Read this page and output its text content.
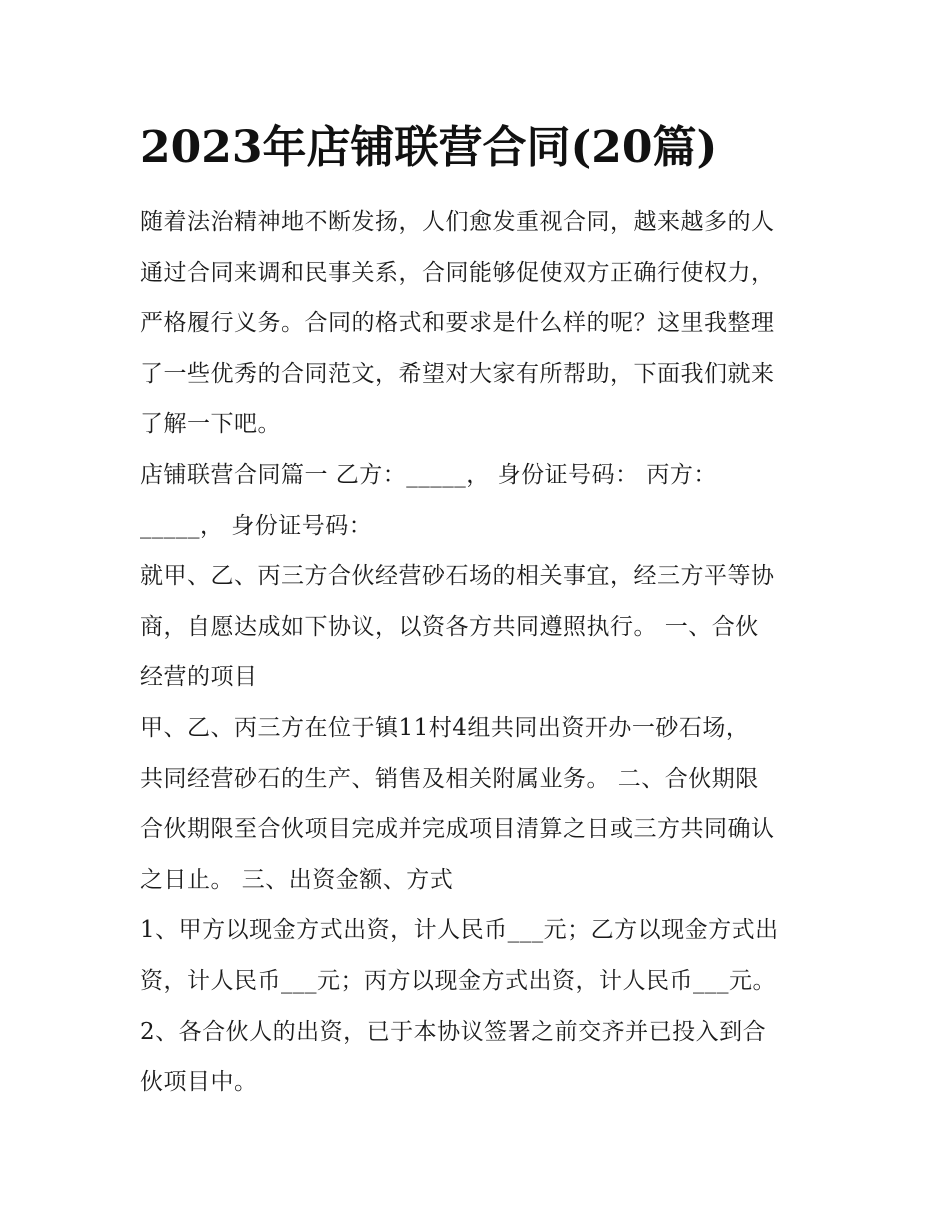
2023年店铺联营合同(20篇)
随着法治精神地不断发扬，人们愈发重视合同，越来越多的人
通过合同来调和民事关系，合同能够促使双方正确行使权力，
严格履行义务。合同的格式和要求是什么样的呢？这里我整理
了一些优秀的合同范文，希望对大家有所帮助，下面我们就来
了解一下吧。
店铺联营合同篇一 乙方：_____， 身份证号码： 丙方：
_____， 身份证号码：
就甲、乙、丙三方合伙经营砂石场的相关事宜，经三方平等协
商，自愿达成如下协议，以资各方共同遵照执行。 一、合伙
经营的项目
甲、乙、丙三方在位于镇11村4组共同出资开办一砂石场，
共同经营砂石的生产、销售及相关附属业务。 二、合伙期限
合伙期限至合伙项目完成并完成项目清算之日或三方共同确认
之日止。 三、出资金额、方式
1、甲方以现金方式出资，计人民币___元；乙方以现金方式出
资，计人民币___元；丙方以现金方式出资，计人民币___元。
2、各合伙人的出资，已于本协议签署之前交齐并已投入到合
伙项目中。
